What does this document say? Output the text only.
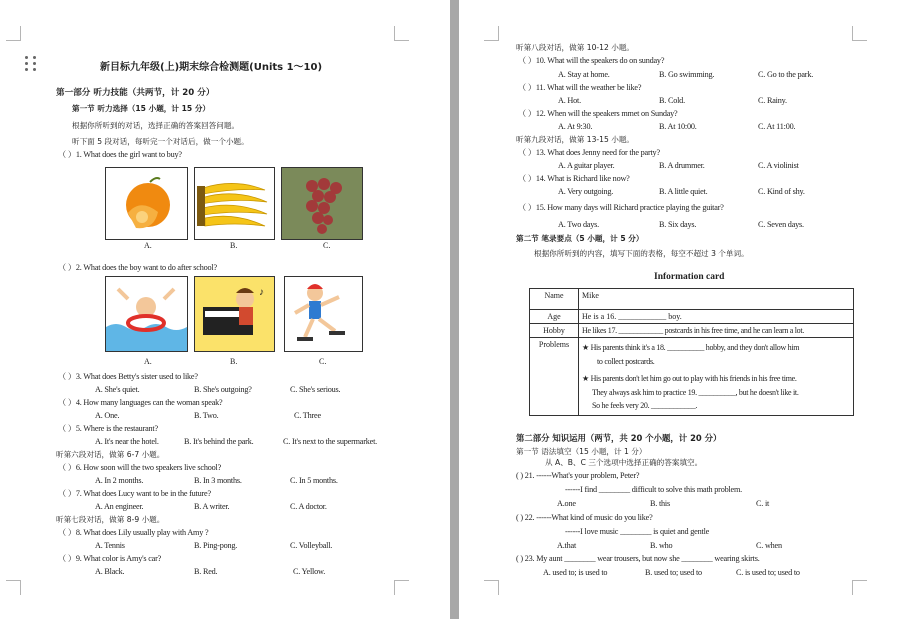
新目标九年级(上)期末综合检测题(Units 1～10)
第一部分 听力技能（共两节，计 20 分）
第一节 听力选择（15 小题，计 15 分）
根据你所听到的对话，选择正确的答案回答问题。
听下面 5 段对话，每听完一个对话后，做一个小题。
（ ）1. What does the girl want to buy?
A.	B.	C.
（ ）2. What does the boy want to do after school?
♪
A.	B.	C.
（ ）3. What does Betty's sister used to like?
A. She's quiet.	B. She's outgoing?	C. She's serious.
（ ）4. How many languages can the woman speak?
A. One.	B. Two.	C. Three
（ ）5. Where is the restaurant?
A. It's near the hotel.	B. It's behind the park.	C. It's next to the supermarket.
听第六段对话，做第 6-7 小题。
（ ）6. How soon will the two speakers live school?
A. In 2 months.	B. In 3 months.	C. In 5 months.
（ ）7. What does Lucy want to be in the future?
A. An engineer.	B. A writer.	C. A doctor.
听第七段对话，做第 8-9 小题。
（ ）8. What does Lily usually play with Amy ?
A. Tennis	B. Ping-pong.	C. Volleyball.
（ ）9. What color is Amy's car?
A. Black.	B. Red.	C. Yellow.
听第八段对话，做第 10-12 小题。
（ ）10. What will the speakers do on sunday?
A. Stay at home.	B. Go swimming.	C. Go to the park.
（ ）11. What will the weather be like?
A. Hot.	B. Cold.	C. Rainy.
（ ）12. When will the speakers mmet on Sunday?
A. At 9:30.	B. At 10:00.	C. At 11:00.
听第九段对话，做第 13-15 小题。
（ ）13. What does Jenny need for the party?
A. A guitar player.	B. A drummer.	C. A violinist
（ ）14. What is Richard like now?
A. Very outgoing.	B. A little quiet.	C. Kind of shy.
（ ）15. How many days will Richard practice playing the guitar?
A. Two days.	B. Six days.	C. Seven days.
第二节 笔录要点（5 小题，计 5 分）
根据你所听到的内容，填写下面的表格，每空不超过 3 个单词。
Information card
Name	Mike
Age	He is a 16. ____________ boy.
Hobby	He likes 17. ____________ postcards in his free time, and he can learn a lot.
Problems	★ His parents think it's a 18. __________ hobby, and they don't allow him
to collect postcards.
★ His parents don't let him go out to play with his friends in his free time.
They always ask him to practice 19. __________, but he doesn't like it.
So he feels very 20. ____________.
第二部分 知识运用（两节，共 20 个小题，计 20 分）
第一节 语法填空（15 小题，计 1 分）
从 A、B、C 三个选项中选择正确的答案填空。
( ) 21. ------What's your problem, Peter?
------I find ________ difficult to solve this math problem.
A.one	B. this	C. it
( ) 22. ------What kind of music do you like?
------I love music ________ is quiet and gentle
A.that	B. who	C. when
( ) 23. My aunt ________ wear trousers, but now she ________ wearing skirts.
A. used to; is used to	B. used to; used to	C. is used to; used to
